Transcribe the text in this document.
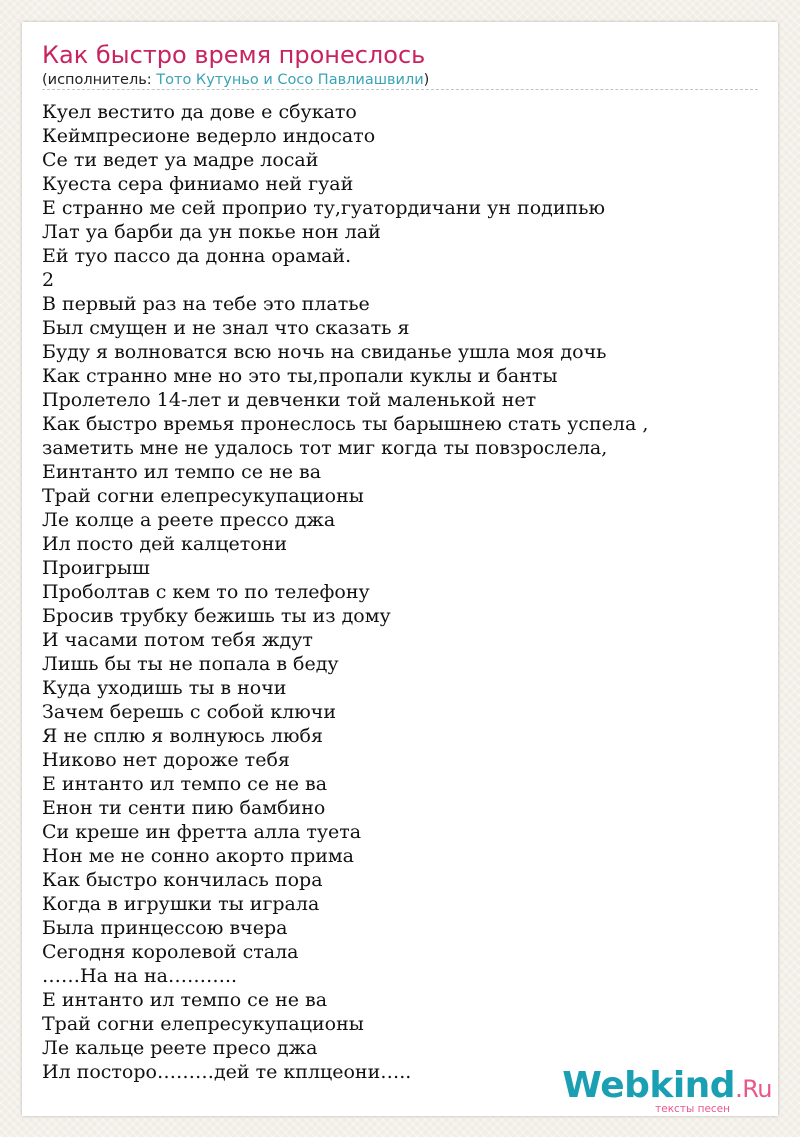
Как быстро время пронеслось
(исполнитель: Тото Кутуньо и Сосо Павлиашвили)
Куел вестито да дове е сбукато
Кеймпресионе ведерло индосато
Се ти ведет уа мадре лосай
Куеста сера финиамо ней гуай
Е странно ме сей проприо ту,гуатордичани ун подипью
Лат уа барби да ун покье нон лай
Ей туо пассо да донна орамай.
2
В первый раз на тебе это платье
Был смущен и не знал что сказать я
Буду я волноватся всю ночь на свиданье ушла моя дочь
Как странно мне но это ты,пропали куклы и банты
Пролетело 14-лет и девченки той маленькой нет
Как быстро времья пронеслось ты барышнею стать успела ,
заметить мне не удалось тот миг когда ты повзрослела,
Еинтанто ил темпо се не ва
Трай согни елепресукупационы
Ле колце а реете прессо джа
Ил посто дей калцетони
Проигрыш
Проболтав с кем то по телефону
Бросив трубку бежишь ты из дому
И часами потом тебя ждут
Лишь бы ты не попала в беду
Куда уходишь ты в ночи
Зачем берешь с собой ключи
Я не сплю я волнуюсь любя
Никово нет дороже тебя
Е интанто ил темпо се не ва
Енон ти сенти пию бамбино
Си креше ин фретта алла туета
Нон ме не сонно акорто прима
Как быстро кончилась пора
Когда в игрушки ты играла
Была принцессою вчера
Сегодня королевой стала
……На на на………..
Е интанто ил темпо се не ва
Трай согни елепресукупационы
Ле кальце реете пресо джа
Ил посторо………дей те кплцеони…..	Webkind.Ru
тексты песен
